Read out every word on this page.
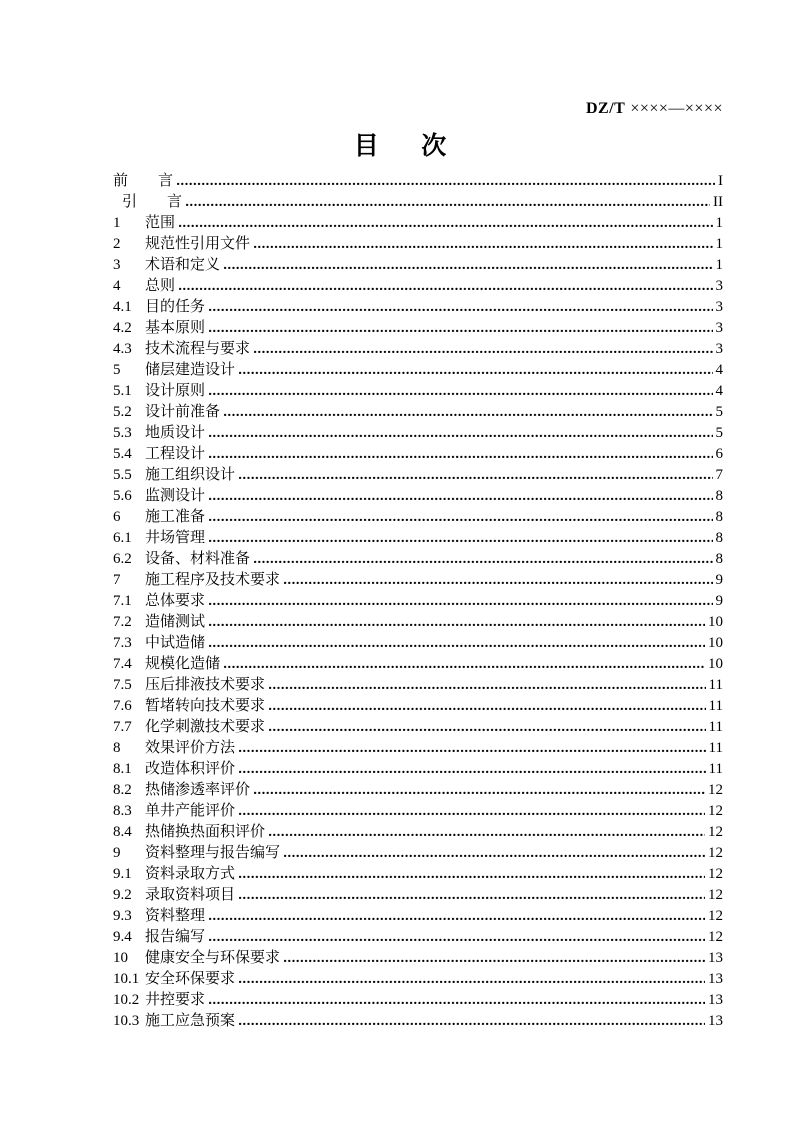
DZ/T ××××—××××
目　次
前　　言	I
引　　言	II
1	范围	1
2	规范性引用文件	1
3	术语和定义	1
4	总则	3
4.1 目的任务	3
4.2 基本原则	3
4.3 技术流程与要求	3
5	储层建造设计	4
5.1 设计原则	4
5.2 设计前准备	5
5.3 地质设计	5
5.4 工程设计	6
5.5 施工组织设计	7
5.6 监测设计	8
6	施工准备	8
6.1 井场管理	8
6.2 设备、材料准备	8
7	施工程序及技术要求	9
7.1 总体要求	9
7.2 造储测试	10
7.3 中试造储	10
7.4 规模化造储	10
7.5 压后排液技术要求	11
7.6 暂堵转向技术要求	11
7.7 化学刺激技术要求	11
8	效果评价方法	11
8.1 改造体积评价	11
8.2 热储渗透率评价	12
8.3 单井产能评价	12
8.4 热储换热面积评价	12
9	资料整理与报告编写	12
9.1 资料录取方式	12
9.2 录取资料项目	12
9.3 资料整理	12
9.4 报告编写	12
10	健康安全与环保要求	13
10.1 安全环保要求	13
10.2 井控要求	13
10.3 施工应急预案	13
